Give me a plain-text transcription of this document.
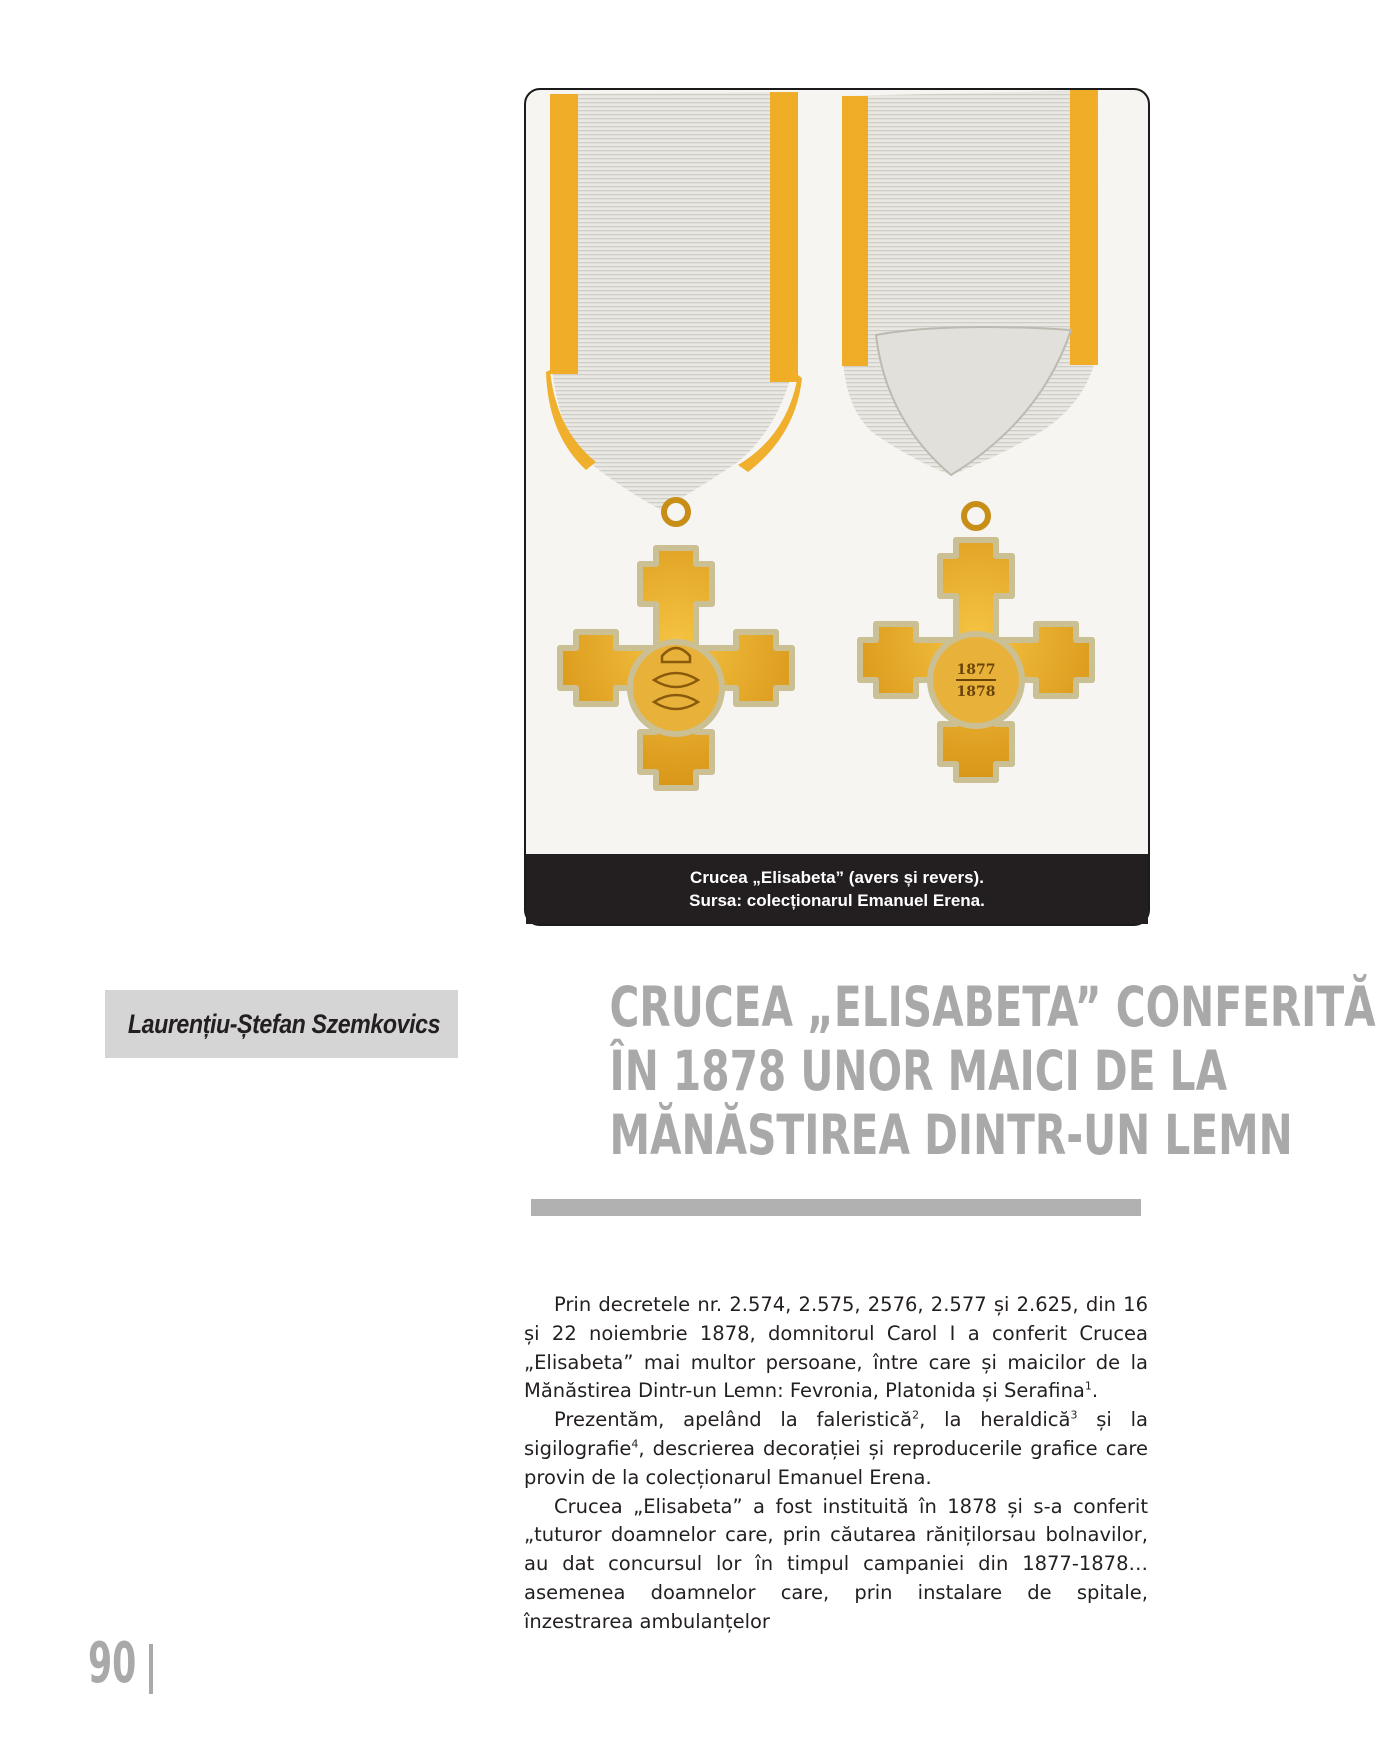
1877
1878
Crucea „Elisabeta” (avers și revers).
Sursa: colecționarul Emanuel Erena.
Laurențiu-Ștefan Szemkovics	CRUCEA „ELISABETA” CONFERITĂ
ÎN 1878 UNOR MAICI DE LA
MĂNĂSTIREA DINTR-UN LEMN

Prin decretele nr. 2.574, 2.575, 2576, 2.577 și 2.625, din 16 și 22 noiembrie 1878, domnitorul Carol I a conferit Crucea „Elisabeta” mai multor persoane, între care și maicilor de la Mănăstirea Dintr-un Lemn: Fevronia, Platonida și Serafina$^1$.

Prezentăm, apelând la faleristică$^2$, la heraldică$^3$ și la sigilografie$^4$, descrierea decorației și reproducerile grafice care provin de la colecționarul Emanuel Erena.

Crucea „Elisabeta” a fost instituită în 1878 și s-a conferit „tuturor doamnelor care, prin căutarea rănițilorsau bolnavilor, au dat concursul lor în timpul campaniei din 1877-1878… asemenea doamnelor care, prin instalare de spitale, înzestrarea ambulanțelor

90
